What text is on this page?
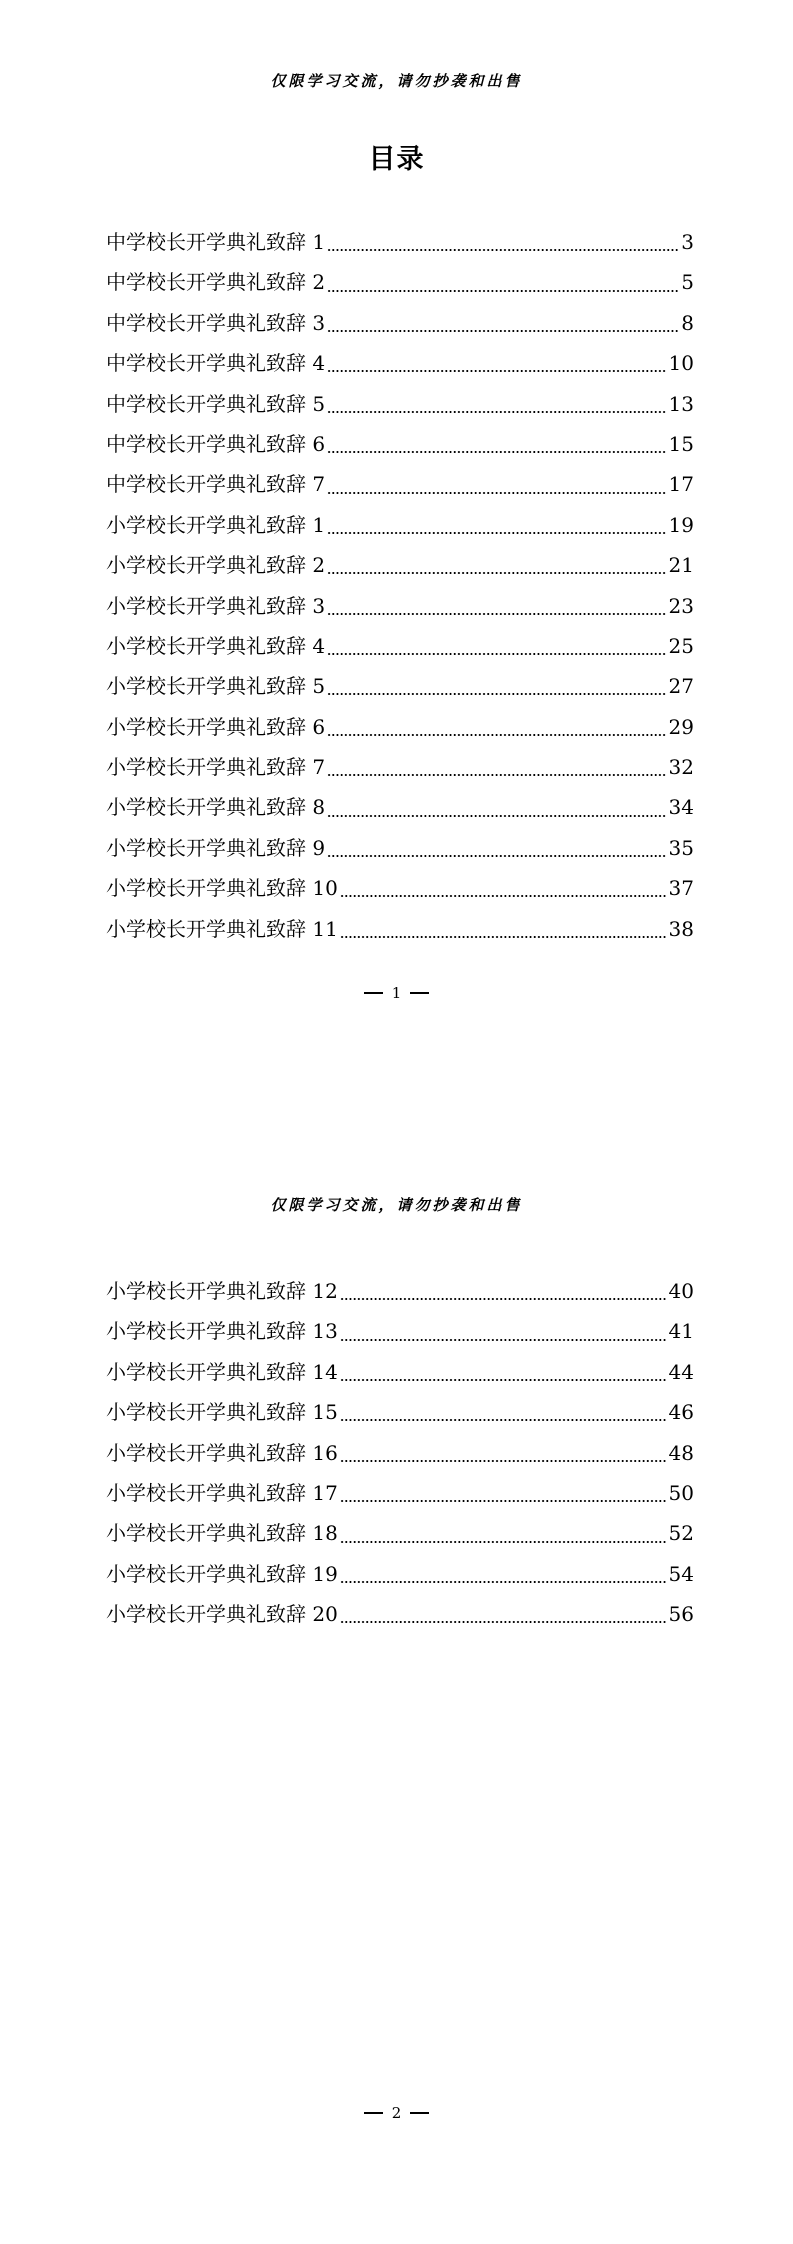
仅限学习交流，请勿抄袭和出售
目录
中学校长开学典礼致辞 1	3
中学校长开学典礼致辞 2	5
中学校长开学典礼致辞 3	8
中学校长开学典礼致辞 4	10
中学校长开学典礼致辞 5	13
中学校长开学典礼致辞 6	15
中学校长开学典礼致辞 7	17
小学校长开学典礼致辞 1	19
小学校长开学典礼致辞 2	21
小学校长开学典礼致辞 3	23
小学校长开学典礼致辞 4	25
小学校长开学典礼致辞 5	27
小学校长开学典礼致辞 6	29
小学校长开学典礼致辞 7	32
小学校长开学典礼致辞 8	34
小学校长开学典礼致辞 9	35
小学校长开学典礼致辞 10	37
小学校长开学典礼致辞 11	38
1
仅限学习交流，请勿抄袭和出售
小学校长开学典礼致辞 12	40
小学校长开学典礼致辞 13	41
小学校长开学典礼致辞 14	44
小学校长开学典礼致辞 15	46
小学校长开学典礼致辞 16	48
小学校长开学典礼致辞 17	50
小学校长开学典礼致辞 18	52
小学校长开学典礼致辞 19	54
小学校长开学典礼致辞 20	56
2
